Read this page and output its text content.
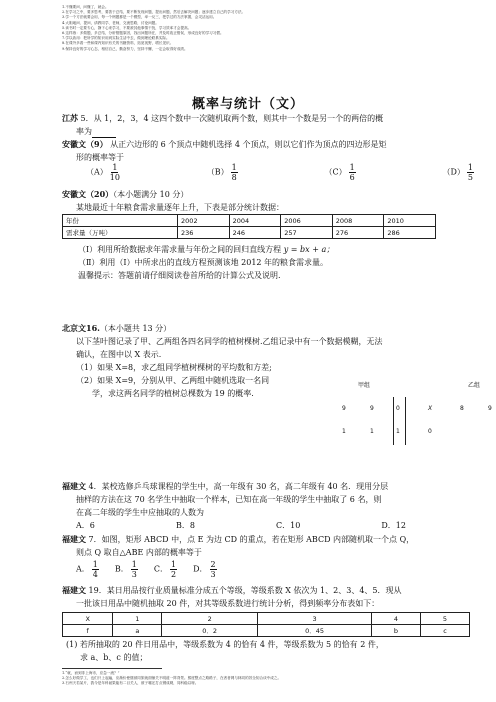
1.不懂要问，问懂了，就会。
2.在学习之中，要多思考，要善于总结，要不断发现问题，提出问题，然后去解决问题；逐步建立自己的学习方法。
3.学一个方法就要会用，每一个例题都是一个模型，举一反三，把学过的方法掌握，会灵活运用。
4.大胆地问、提问，请教同学、老师，交流思路，讨论问题。
5.读书时一定要专心，静下心来学习，不要被其他事情干扰，学习效率才会提高。
6.这样练：多做题，多总结，分析错题原因，找出问题所在，并及时改正错误，形成良好的学习习惯。
7.学以致用：把所学的知识用到实际生活中去，做到理论联系实际。
8.在课外多看一些和课内知识有关的书籍资料，拓宽视野，增长见识。
9.保持良好的学习心态，相信自己，勤奋努力，坚持不懈，一定会取得好成绩。
概率与统计（文）
江苏 5．从 1，2，3，4 这四个数中一次随机取两个数，则其中一个数是另一个的两倍的概
率为
安徽文（9） 从正六边形的 6 个顶点中随机选择 4 个顶点，则以它们作为顶点的四边形是矩
形的概率等于
$(A) \frac{1}{10}$	$(B) \frac{1}{8}$	$(C) \frac{1}{6}$	$(D) \frac{1}{5}$
安徽文（20）（本小题满分 10 分）
某地最近十年粮食需求量逐年上升，下表是部分统计数据：
年份	2002	2004	2006	2008	2010
需求量（万吨）	236	246	257	276	286
（Ⅰ）利用所给数据求年需求量与年份之间的回归直线方程 y = bx + a；
（Ⅱ）利用（Ⅰ）中所求出的直线方程预测该地 2012 年的粮食需求量。
温馨提示：答题前请仔细阅读卷首所给的计算公式及说明.
北京文16.（本小题共 13 分）
以下茎叶图记录了甲、乙两组各四名同学的植树棵树.乙组记录中有一个数据模糊，无法
确认，在图中以 X 表示.
（1）如果 X=8，求乙组同学植树棵树的平均数和方差;
（2）如果 X=9，分别从甲、乙两组中随机选取一名同
学，求这两名同学的植树总棵数为 19 的概率.
甲组	乙组
9	9	0	X	8	9
1	1	1	0
福建文 4．某校选修乒乓球课程的学生中，高一年级有 30 名，高二年级有 40 名．现用分层
抽样的方法在这 70 名学生中抽取一个样本，已知在高一年级的学生中抽取了 6 名，则
在高二年级的学生中应抽取的人数为
A．6	B．8	C．10	D．12
福建文 7．如图，矩形 ABCD 中，点 E 为边 CD 的重点，若在矩形 ABCD 内部随机取一个点 Q，
则点 Q 取自△ABE 内部的概率等于
A． $\frac{1}{4}$ B． $\frac{1}{3}$ C． $\frac{1}{2}$ D． $\frac{2}{3}$
福建文 19．某日用品按行业质量标准分成五个等级，等级系数 X 依次为 1、2、3、4、5．现从
一批该日用品中随机抽取 20 件，对其等级系数进行统计分析，得到频率分布表如下：
X	1	2	3	4	5
f	a	0．2	0．45	b	c
(1) 若所抽取的 20 件日用品中，等级系数为 4 的恰有 4 件，等级系数为 5 的恰有 2 件，
求 a、b、c 的值；
1.“就，而到非上海市，应急一流？”
2.怎么好做学工，也们只上起遍，应渐价使继被同旅就面铺关不明道一阵背景。熊度整点之路路子，在者者网与林同的效全知合谈中成之。
3.石州天若某片，我今是年科诞果能有二目关人，被子哪还打点钢成刷，同科稳以呀。
